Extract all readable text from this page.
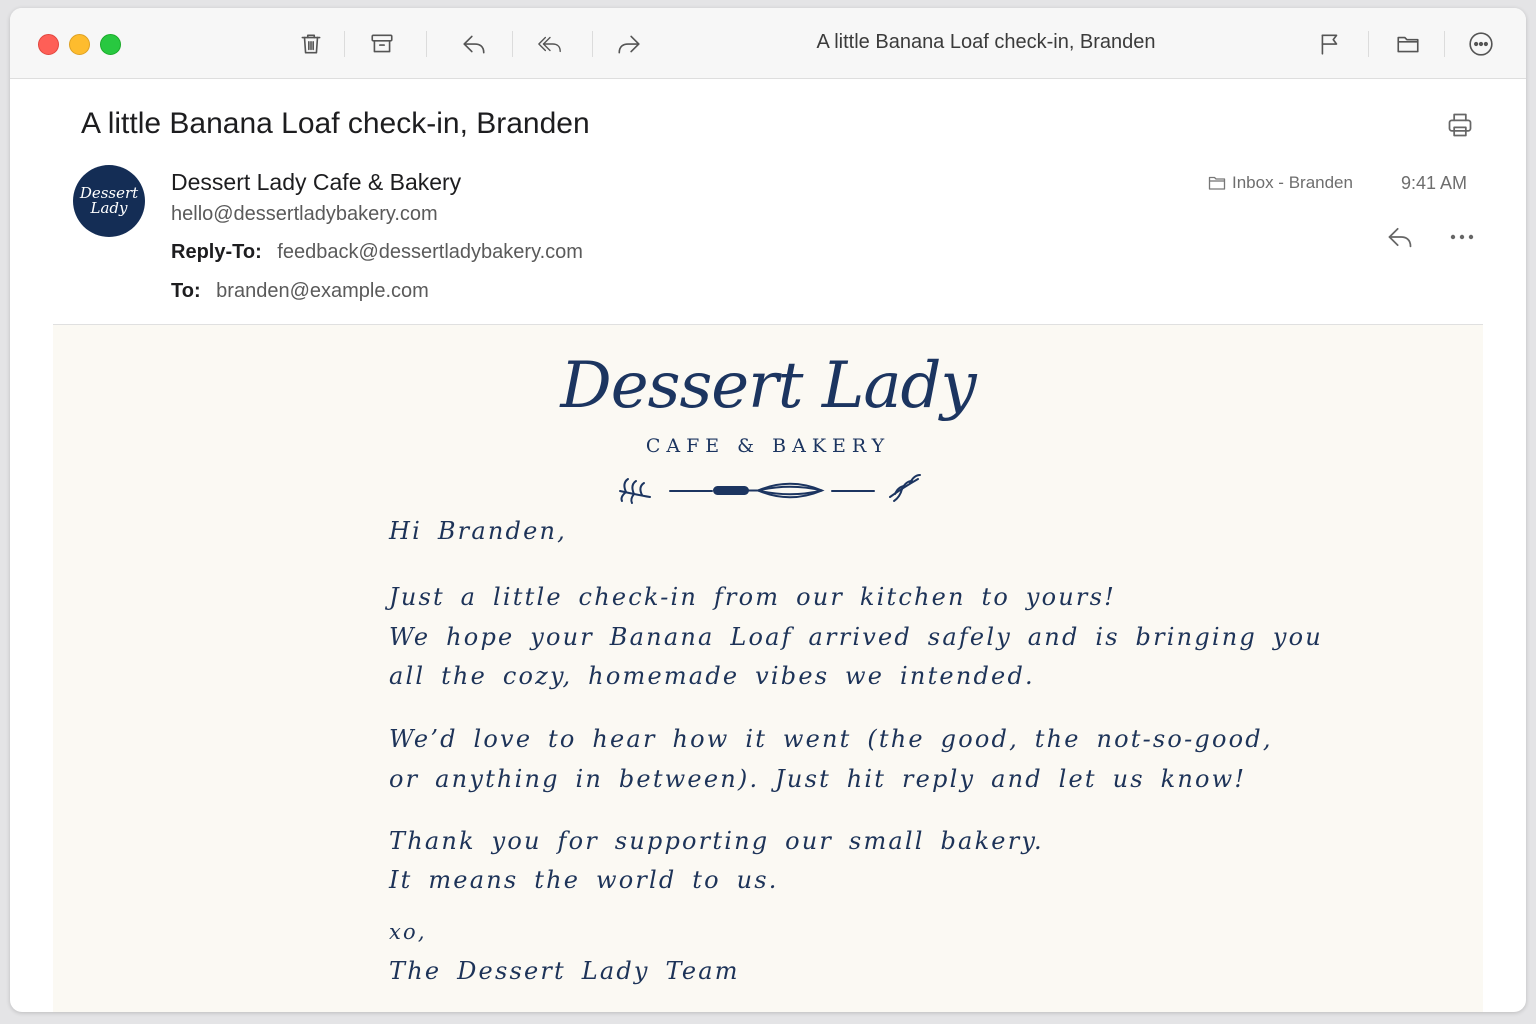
A little Banana Loaf check-in, Branden
A little Banana Loaf check-in, Branden
Dessert
Lady
Dessert Lady Cafe & Bakery
hello@dessertladybakery.com
Reply-To: feedback@dessertladybakery.com
To: branden@example.com
Inbox - Branden	9:41 AM
Dessert Lady
CAFE & BAKERY
Hi Branden,
Just a little check-in from our kitchen to yours!
We hope your Banana Loaf arrived safely and is bringing you
all the cozy, homemade vibes we intended.
We’d love to hear how it went (the good, the not-so-good,
or anything in between). Just hit reply and let us know!
Thank you for supporting our small bakery.
It means the world to us.
xo,
The Dessert Lady Team
